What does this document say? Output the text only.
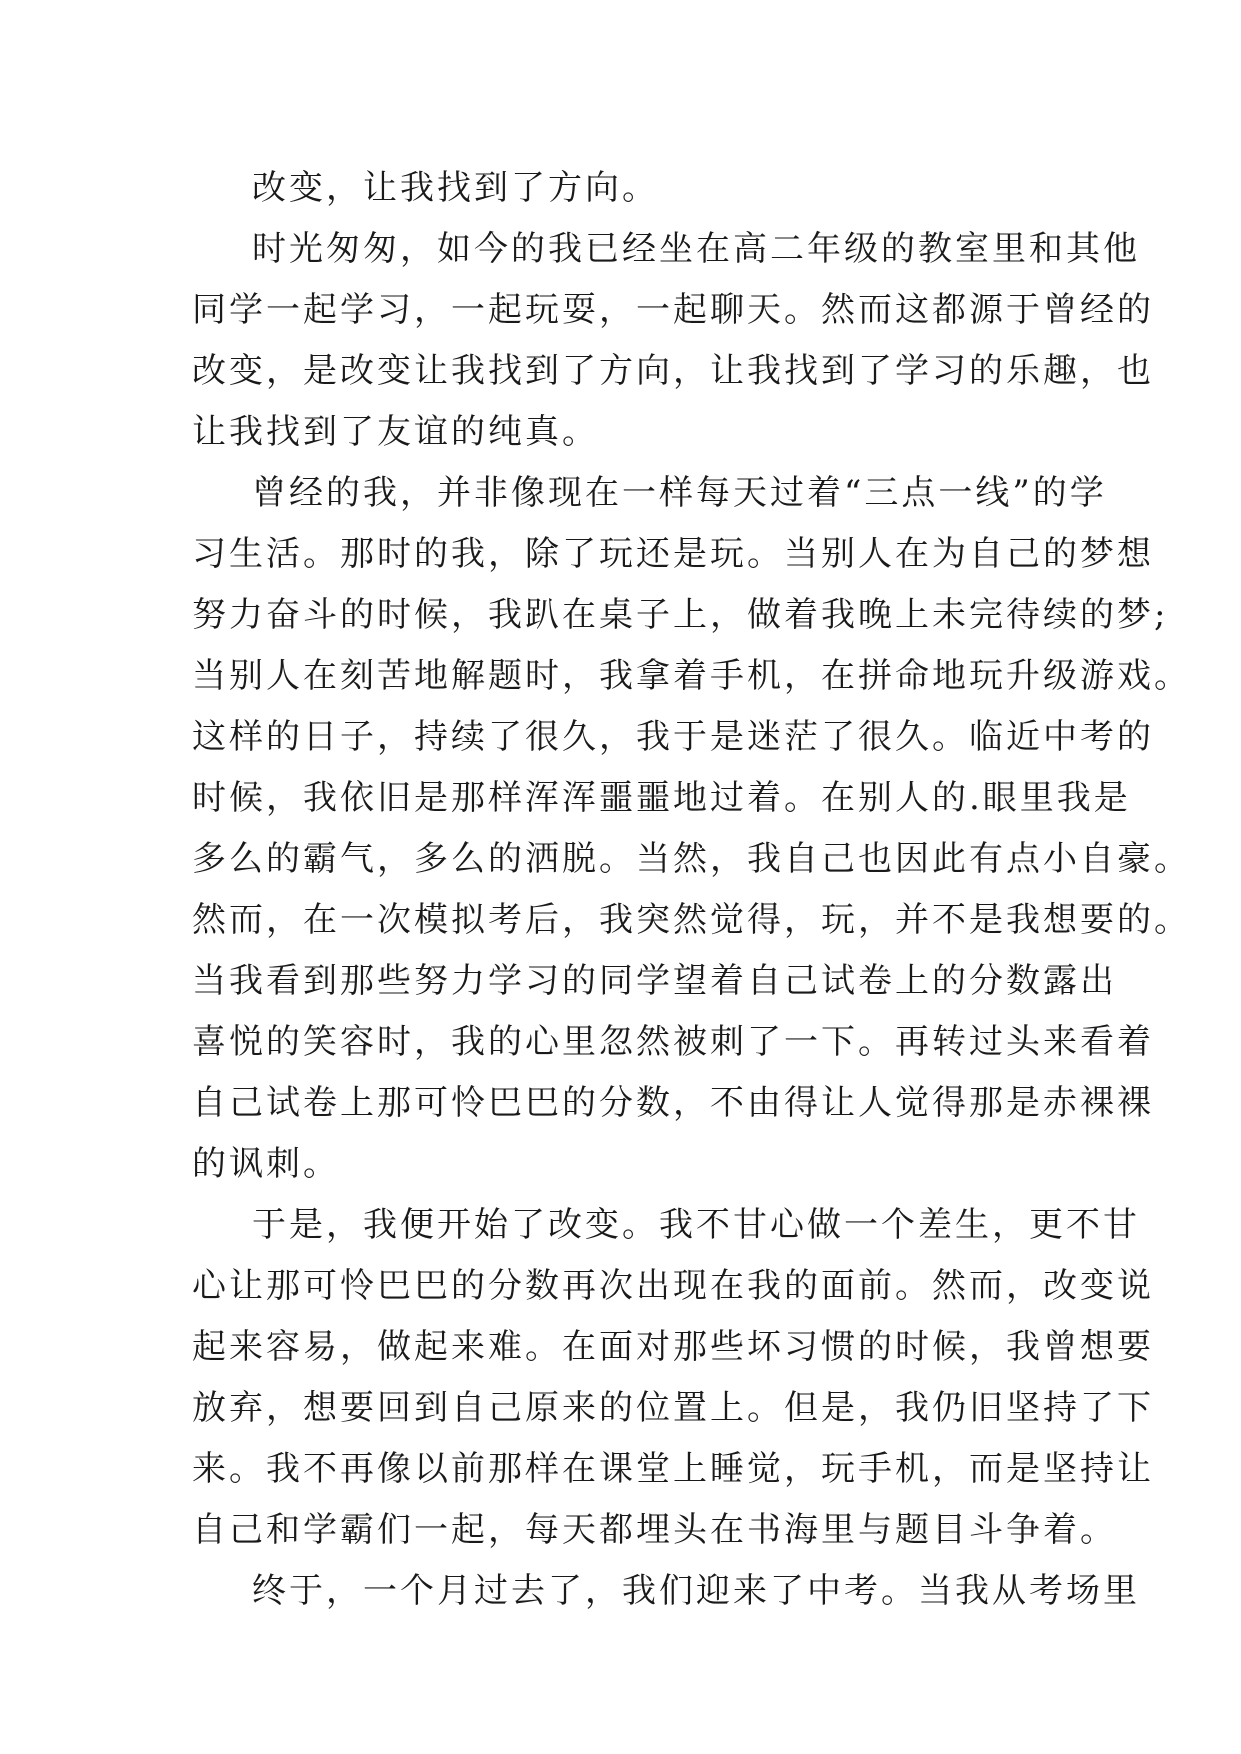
改变，让我找到了方向。
时光匆匆，如今的我已经坐在高二年级的教室里和其他
同学一起学习，一起玩耍，一起聊天。然而这都源于曾经的
改变，是改变让我找到了方向，让我找到了学习的乐趣，也
让我找到了友谊的纯真。
曾经的我，并非像现在一样每天过着“三点一线”的学
习生活。那时的我，除了玩还是玩。当别人在为自己的梦想
努力奋斗的时候，我趴在桌子上，做着我晚上未完待续的梦;
当别人在刻苦地解题时，我拿着手机，在拼命地玩升级游戏。
这样的日子，持续了很久，我于是迷茫了很久。临近中考的
时候，我依旧是那样浑浑噩噩地过着。在别人的.眼里我是
多么的霸气，多么的洒脱。当然，我自己也因此有点小自豪。
然而，在一次模拟考后，我突然觉得，玩，并不是我想要的。
当我看到那些努力学习的同学望着自己试卷上的分数露出
喜悦的笑容时，我的心里忽然被刺了一下。再转过头来看着
自己试卷上那可怜巴巴的分数，不由得让人觉得那是赤裸裸
的讽刺。
于是，我便开始了改变。我不甘心做一个差生，更不甘
心让那可怜巴巴的分数再次出现在我的面前。然而，改变说
起来容易，做起来难。在面对那些坏习惯的时候，我曾想要
放弃，想要回到自己原来的位置上。但是，我仍旧坚持了下
来。我不再像以前那样在课堂上睡觉，玩手机，而是坚持让
自己和学霸们一起，每天都埋头在书海里与题目斗争着。
终于，一个月过去了，我们迎来了中考。当我从考场里
